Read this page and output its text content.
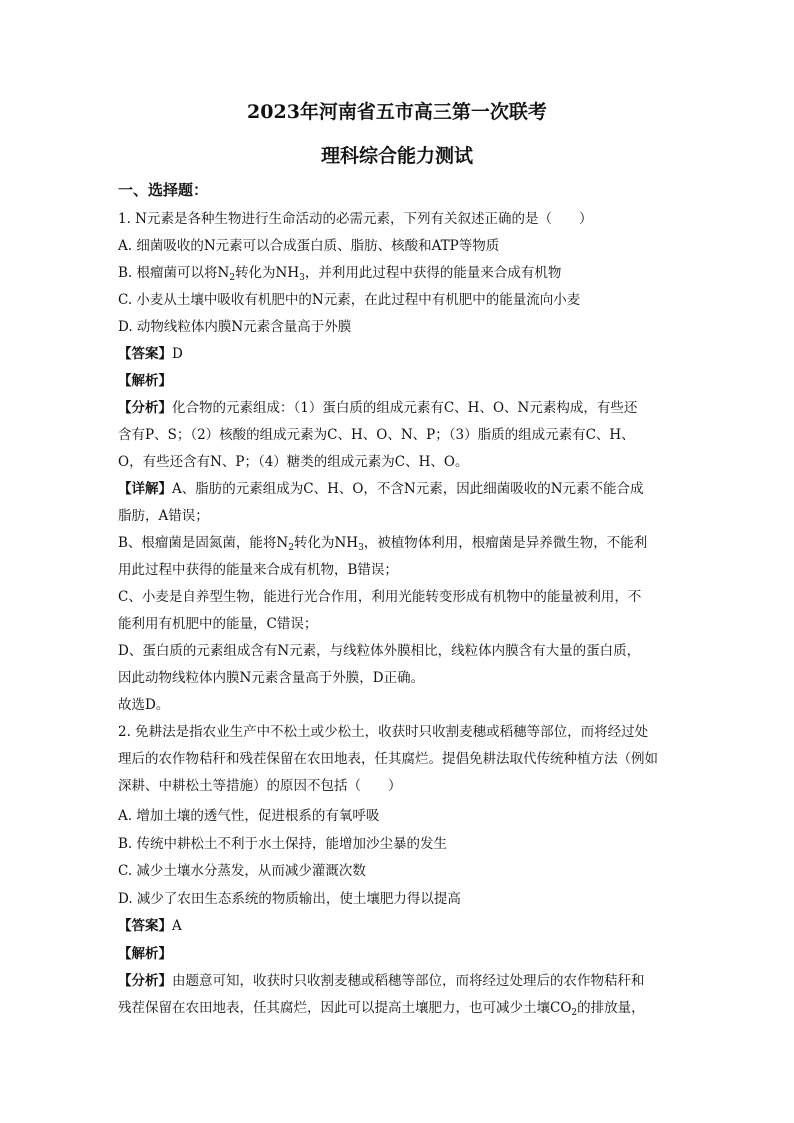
2023年河南省五市高三第一次联考
理科综合能力测试

一、选择题：

1. N元素是各种生物进行生命活动的必需元素，下列有关叙述正确的是（　　）

A. 细菌吸收的N元素可以合成蛋白质、脂肪、核酸和ATP等物质

B. 根瘤菌可以将$N_2$转化为$NH_3$，并利用此过程中获得的能量来合成有机物

C. 小麦从土壤中吸收有机肥中的N元素，在此过程中有机肥中的能量流向小麦

D. 动物线粒体内膜N元素含量高于外膜

【答案】D

【解析】

【分析】化合物的元素组成：（1）蛋白质的组成元素有C、H、O、N元素构成，有些还

含有P、S；（2）核酸的组成元素为C、H、O、N、P；（3）脂质的组成元素有C、H、

O，有些还含有N、P；（4）糖类的组成元素为C、H、O。

【详解】A、脂肪的元素组成为C、H、O，不含N元素，因此细菌吸收的N元素不能合成

脂肪，A错误；

B、根瘤菌是固氮菌，能将$N_2$转化为$NH_3$，被植物体利用，根瘤菌是异养微生物，不能利

用此过程中获得的能量来合成有机物，B错误；

C、小麦是自养型生物，能进行光合作用，利用光能转变形成有机物中的能量被利用，不

能利用有机肥中的能量，C错误；

D、蛋白质的元素组成含有N元素，与线粒体外膜相比，线粒体内膜含有大量的蛋白质，

因此动物线粒体内膜N元素含量高于外膜，D正确。

故选D。

2. 免耕法是指农业生产中不松土或少松土，收获时只收割麦穗或稻穗等部位，而将经过处

理后的农作物秸秆和残茬保留在农田地表，任其腐烂。提倡免耕法取代传统种植方法（例如

深耕、中耕松土等措施）的原因不包括（　　）

A. 增加土壤的透气性，促进根系的有氧呼吸

B. 传统中耕松土不利于水土保持，能增加沙尘暴的发生

C. 减少土壤水分蒸发，从而减少灌溉次数

D. 减少了农田生态系统的物质输出，使土壤肥力得以提高

【答案】A

【解析】

【分析】由题意可知，收获时只收割麦穗或稻穗等部位，而将经过处理后的农作物秸秆和

残茬保留在农田地表，任其腐烂，因此可以提高土壤肥力，也可减少土壤$CO_2$的排放量，
